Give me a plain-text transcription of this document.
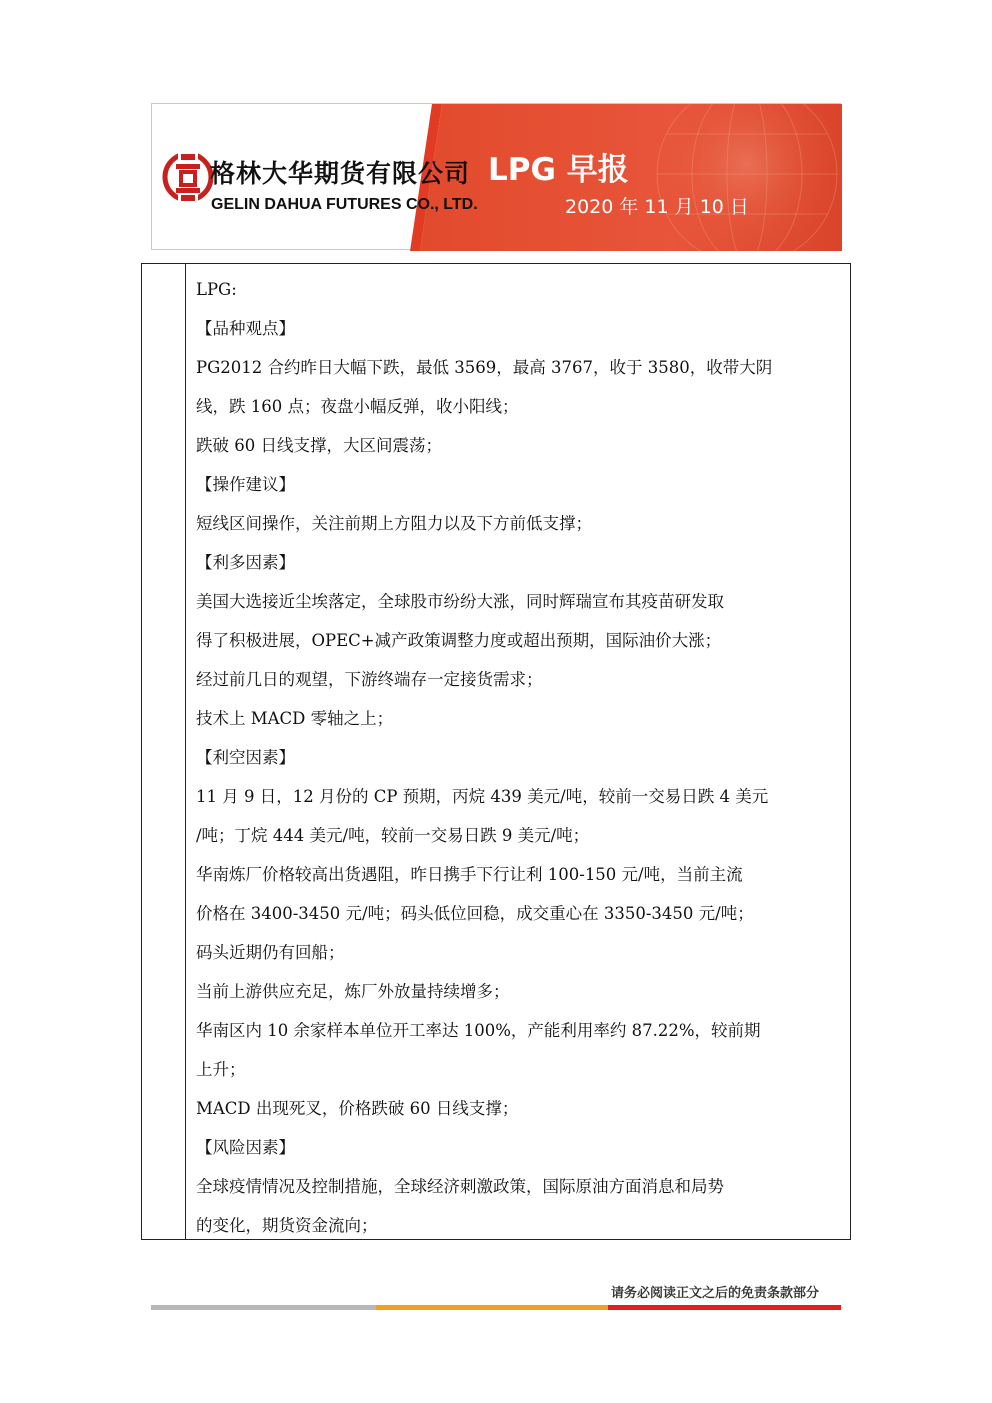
格林大华期货有限公司
GELIN DAHUA FUTURES CO., LTD.
LPG 早报
2020 年 11 月 10 日
LPG:
【品种观点】
PG2012 合约昨日大幅下跌，最低 3569，最高 3767，收于 3580，收带大阴
线，跌 160 点；夜盘小幅反弹，收小阳线；
跌破 60 日线支撑，大区间震荡；
【操作建议】
短线区间操作，关注前期上方阻力以及下方前低支撑；
【利多因素】
美国大选接近尘埃落定，全球股市纷纷大涨，同时辉瑞宣布其疫苗研发取
得了积极进展，OPEC+减产政策调整力度或超出预期，国际油价大涨；
经过前几日的观望，下游终端存一定接货需求；
技术上 MACD 零轴之上；
【利空因素】
11 月 9 日，12 月份的 CP 预期，丙烷 439 美元/吨，较前一交易日跌 4 美元
/吨；丁烷 444 美元/吨，较前一交易日跌 9 美元/吨；
华南炼厂价格较高出货遇阻，昨日携手下行让利 100-150 元/吨，当前主流
价格在 3400-3450 元/吨；码头低位回稳，成交重心在 3350-3450 元/吨；
码头近期仍有回船；
当前上游供应充足，炼厂外放量持续增多；
华南区内 10 余家样本单位开工率达 100%，产能利用率约 87.22%，较前期
上升；
MACD 出现死叉，价格跌破 60 日线支撑；
【风险因素】
全球疫情情况及控制措施，全球经济刺激政策，国际原油方面消息和局势
的变化，期货资金流向；
请务必阅读正文之后的免责条款部分
